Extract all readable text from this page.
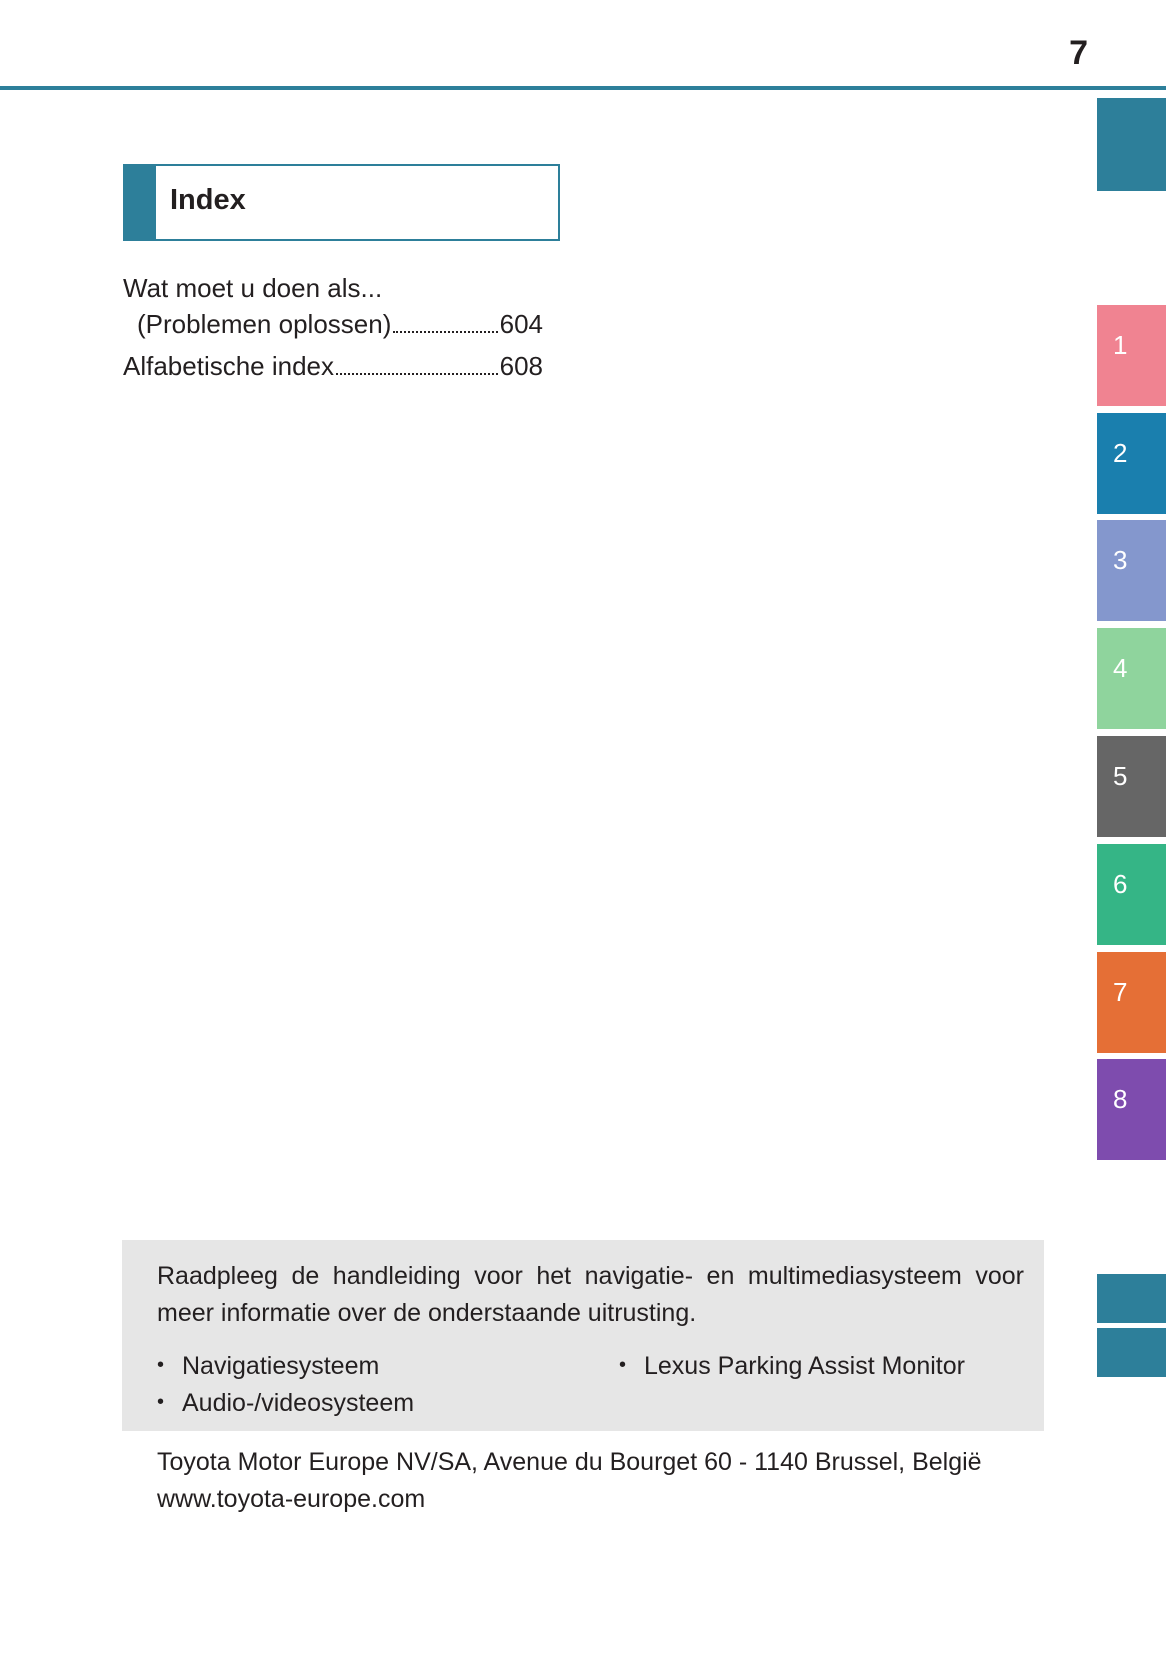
7
1
2
3
4
5
6
7
8
Index
Wat moet u doen als...
(Problemen oplossen)	604
Alfabetische index	608
Raadpleeg de handleiding voor het navigatie- en multimediasysteem voor meer informatie over de onderstaande uitrusting.
• Navigatiesysteem
• Audio-/videosysteem
• Lexus Parking Assist Monitor
Toyota Motor Europe NV/SA, Avenue du Bourget 60 - 1140 Brussel, België
www.toyota-europe.com
